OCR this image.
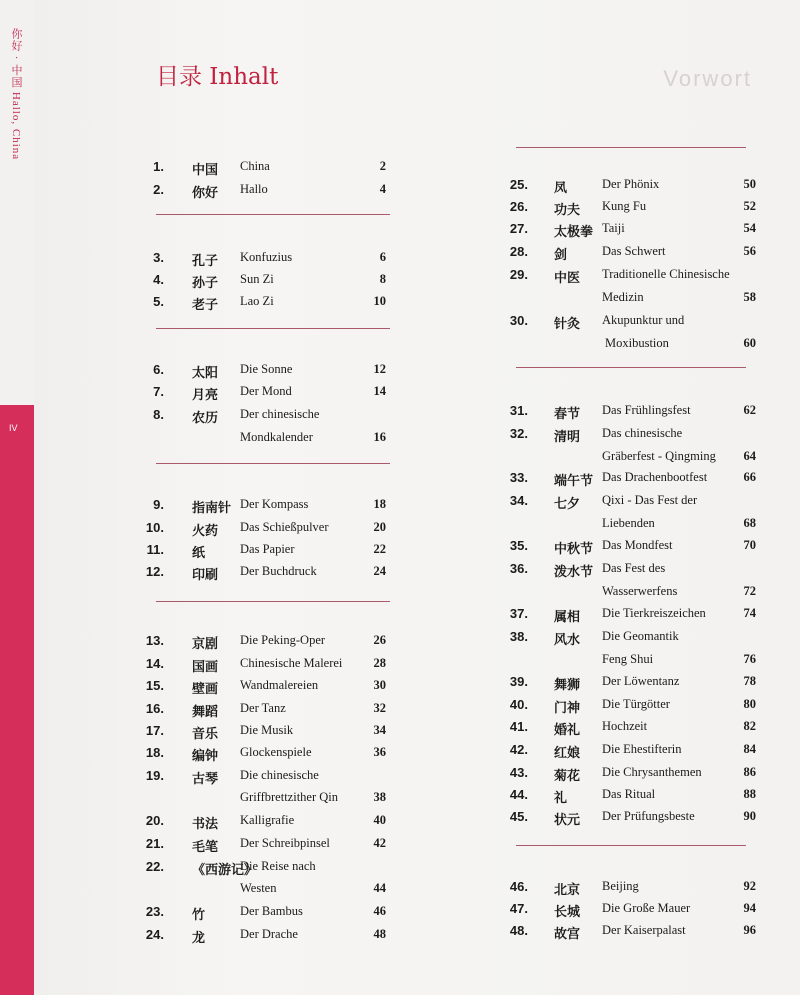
你好 · 中国 Hallo, China
IV
Vorwort
目录 Inhalt
1. 中国 China	2
2. 你好 Hallo	4
3. 孔子 Konfuzius	6
4. 孙子 Sun Zi	8
5. 老子 Lao Zi	10
6. 太阳 Die Sonne	12
7. 月亮 Der Mond	14
8. 农历 Der chinesische
Mondkalender	16
9. 指南针 Der Kompass	18
10. 火药 Das Schießpulver	20
11. 纸	Das Papier	22
12. 印刷 Der Buchdruck	24
13. 京剧 Die Peking-Oper	26
14. 国画 Chinesische Malerei	28
15. 壁画 Wandmalereien	30
16. 舞蹈 Der Tanz	32
17. 音乐 Die Musik	34
18. 编钟 Glockenspiele	36
19. 古琴 Die chinesische
Griffbrettzither Qin	38
20. 书法 Kalligrafie	40
21. 毛笔 Der Schreibpinsel	42
22. 《西游记》
Die Reise nach
Westen	44
23. 竹	Der Bambus	46
24. 龙	Der Drache	48
25. 凤	Der Phönix	50
26. 功夫 Kung Fu	52
27. 太极拳 Taiji	54
28. 剑	Das Schwert	56
29. 中医 Traditionelle Chinesische
Medizin	58
30. 针灸 Akupunktur und
Moxibustion	60
31. 春节 Das Frühlingsfest	62
32. 清明 Das chinesische
Gräberfest - Qingming	64
33. 端午节 Das Drachenbootfest	66
34. 七夕 Qixi - Das Fest der
Liebenden	68
35. 中秋节 Das Mondfest	70
36. 泼水节 Das Fest des
Wasserwerfens	72
37. 属相 Die Tierkreiszeichen	74
38. 风水 Die Geomantik
Feng Shui	76
39. 舞狮 Der Löwentanz	78
40. 门神 Die Türgötter	80
41. 婚礼 Hochzeit	82
42. 红娘 Die Ehestifterin	84
43. 菊花 Die Chrysanthemen	86
44. 礼	Das Ritual	88
45. 状元 Der Prüfungsbeste	90
46. 北京 Beijing	92
47. 长城 Die Große Mauer	94
48. 故宫 Der Kaiserpalast	96
